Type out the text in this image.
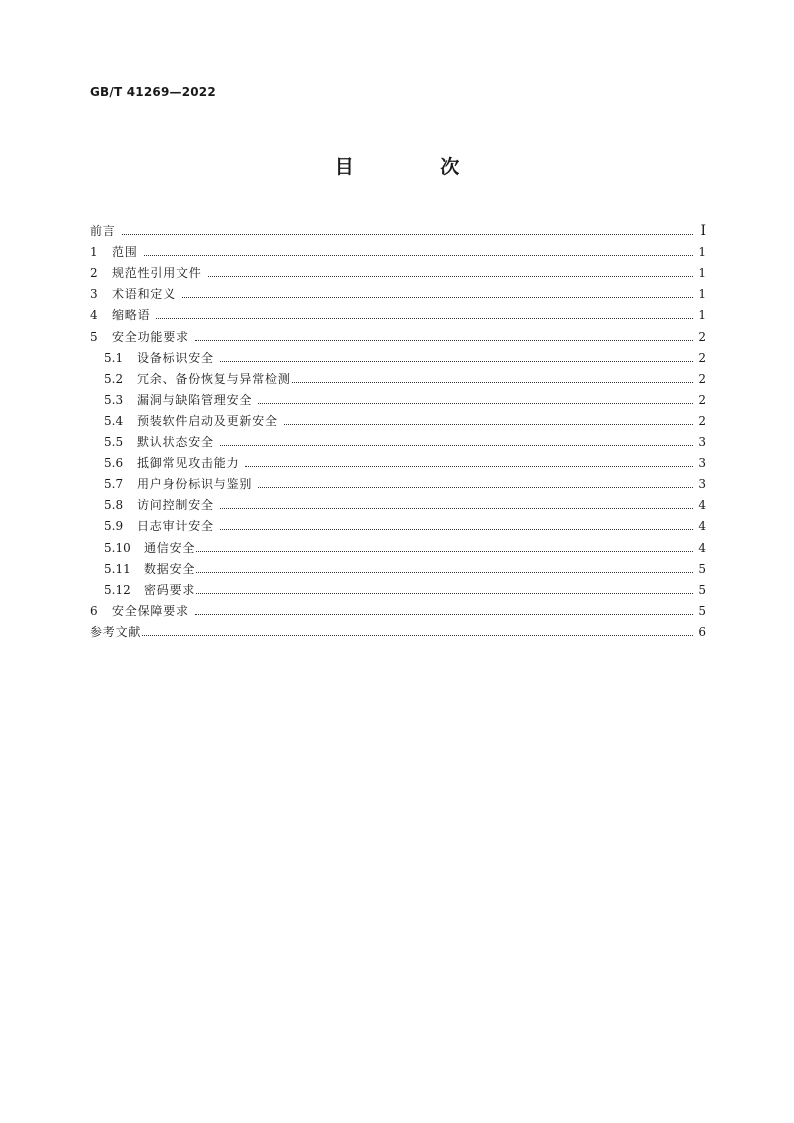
GB/T 41269—2022
目 次
前言	I
1 范围	1
2 规范性引用文件	1
3 术语和定义	1
4 缩略语	1
5 安全功能要求	2
5.1 设备标识安全	2
5.2 冗余、备份恢复与异常检测	2
5.3 漏洞与缺陷管理安全	2
5.4 预装软件启动及更新安全	2
5.5 默认状态安全	3
5.6 抵御常见攻击能力	3
5.7 用户身份标识与鉴别	3
5.8 访问控制安全	4
5.9 日志审计安全	4
5.10 通信安全	4
5.11 数据安全	5
5.12 密码要求	5
6 安全保障要求	5
参考文献	6
